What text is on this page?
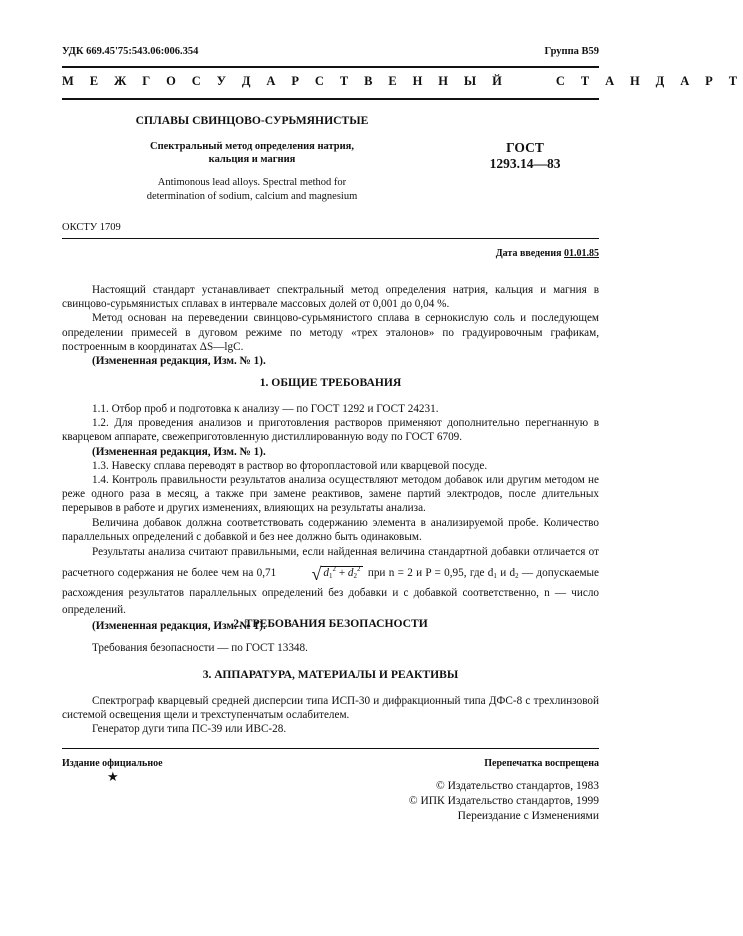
УДК 669.45'75:543.06:006.354	Группа В59
М Е Ж Г О С У Д А Р С Т В Е Н Н Ы Й     С Т А Н Д А Р Т
СПЛАВЫ СВИНЦОВО-СУРЬМЯНИСТЫЕ
Спектральный метод определения натрия,
кальция и магния
Antimonous lead alloys. Spectral method for
determination of sodium, calcium and magnesium
ГОСТ
1293.14—83
ОКСТУ 1709
Дата введения 01.01.85

Настоящий стандарт устанавливает спектральный метод определения натрия, кальция и магния в свинцово-сурьмянистых сплавах в интервале массовых долей от 0,001 до 0,04 %.

Метод основан на переведении свинцово-сурьмянистого сплава в сернокислую соль и последующем определении примесей в дуговом режиме по методу «трех эталонов» по градуировочным графикам, построенным в координатах ΔS—lgC.

(Измененная редакция, Изм. № 1).

1. ОБЩИЕ ТРЕБОВАНИЯ

1.1. Отбор проб и подготовка к анализу — по ГОСТ 1292 и ГОСТ 24231.

1.2. Для проведения анализов и приготовления растворов применяют дополнительно перегнанную в кварцевом аппарате, свежеприготовленную дистиллированную воду по ГОСТ 6709.

(Измененная редакция, Изм. № 1).

1.3. Навеску сплава переводят в раствор во фторопластовой или кварцевой посуде.

1.4. Контроль правильности результатов анализа осуществляют методом добавок или другим методом не реже одного раза в месяц, а также при замене реактивов, замене партий электродов, после длительных перерывов в работе и других изменениях, влияющих на результаты анализа.

Величина добавок должна соответствовать содержанию элемента в анализируемой пробе. Количество параллельных определений с добавкой и без нее должно быть одинаковым.

Результаты анализа считают правильными, если найденная величина стандартной добавки отличается от расчетного содержания не более чем на 0,71 √ $d_1^2 + d_2^2$ при n = 2 и P = 0,95, где $d_1$ и $d_2$ — допускаемые расхождения результатов параллельных определений без добавки и с добавкой соответственно, n — число определений.

(Измененная редакция, Изм. № 1).

2. ТРЕБОВАНИЯ БЕЗОПАСНОСТИ

Требования безопасности — по ГОСТ 13348.

3. АППАРАТУРА, МАТЕРИАЛЫ И РЕАКТИВЫ

Спектрограф кварцевый средней дисперсии типа ИСП-30 и дифракционный типа ДФС-8 с трехлинзовой системой освещения щели и трехступенчатым ослабителем.

Генератор дуги типа ПС-39 или ИВС-28.

Издание официальное
★
Перепечатка воспрещена
© Издательство стандартов, 1983
© ИПК Издательство стандартов, 1999
Переиздание с Изменениями
